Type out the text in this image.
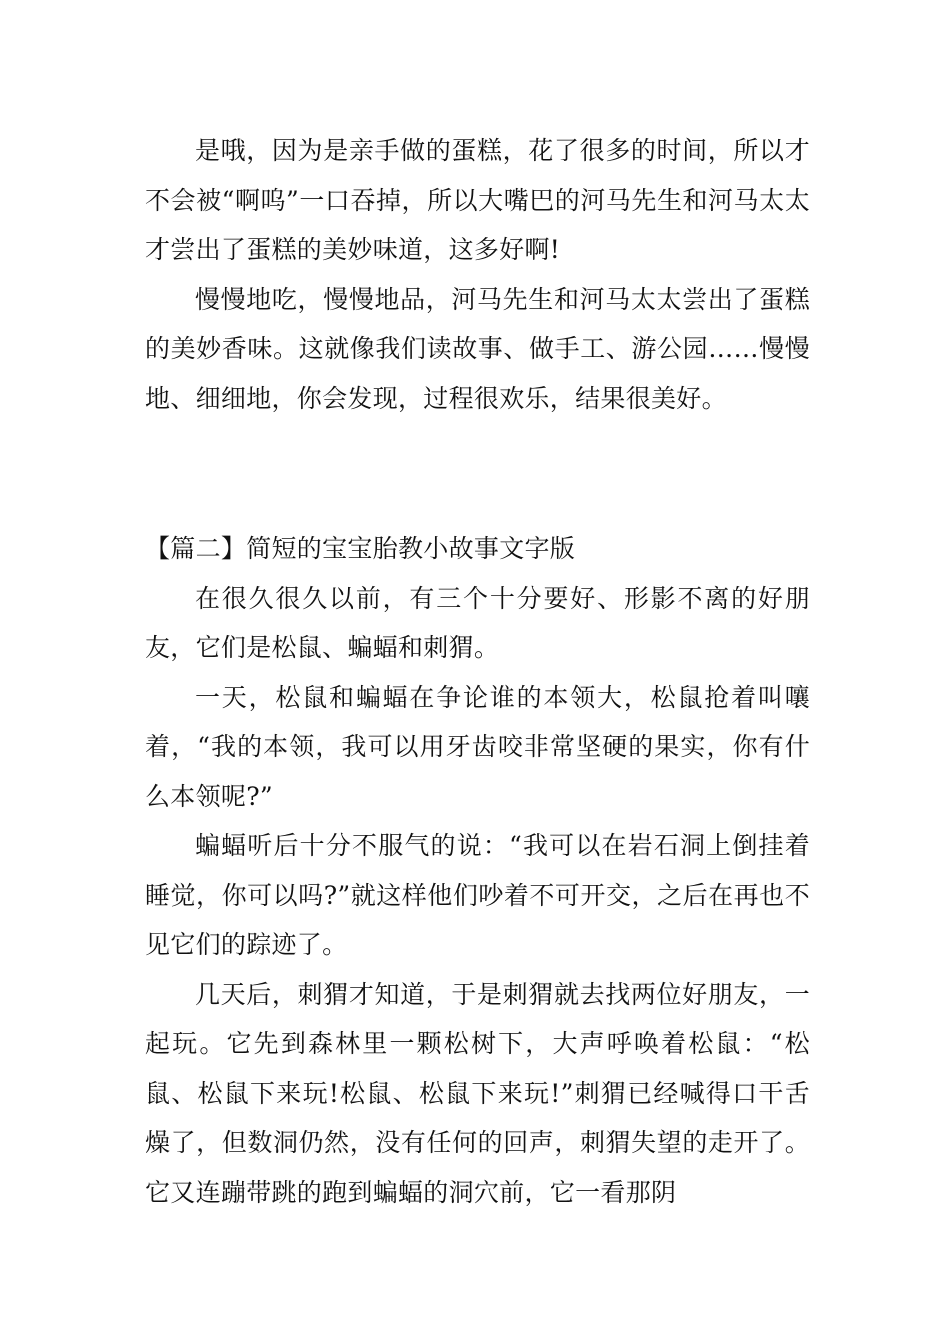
是哦，因为是亲手做的蛋糕，花了很多的时间，所以才不会被“啊呜”一口吞掉，所以大嘴巴的河马先生和河马太太才尝出了蛋糕的美妙味道，这多好啊!

慢慢地吃，慢慢地品，河马先生和河马太太尝出了蛋糕的美妙香味。这就像我们读故事、做手工、游公园……慢慢地、细细地，你会发现，过程很欢乐，结果很美好。

【篇二】简短的宝宝胎教小故事文字版

在很久很久以前，有三个十分要好、形影不离的好朋友，它们是松鼠、蝙蝠和刺猬。

一天，松鼠和蝙蝠在争论谁的本领大，松鼠抢着叫嚷着，“我的本领，我可以用牙齿咬非常坚硬的果实，你有什么本领呢?”

蝙蝠听后十分不服气的说：“我可以在岩石洞上倒挂着睡觉，你可以吗?”就这样他们吵着不可开交，之后在再也不见它们的踪迹了。

几天后，刺猬才知道，于是刺猬就去找两位好朋友，一起玩。它先到森林里一颗松树下，大声呼唤着松鼠：“松鼠、松鼠下来玩!松鼠、松鼠下来玩!”刺猬已经喊得口干舌燥了，但数洞仍然，没有任何的回声，刺猬失望的走开了。它又连蹦带跳的跑到蝙蝠的洞穴前，它一看那阴
